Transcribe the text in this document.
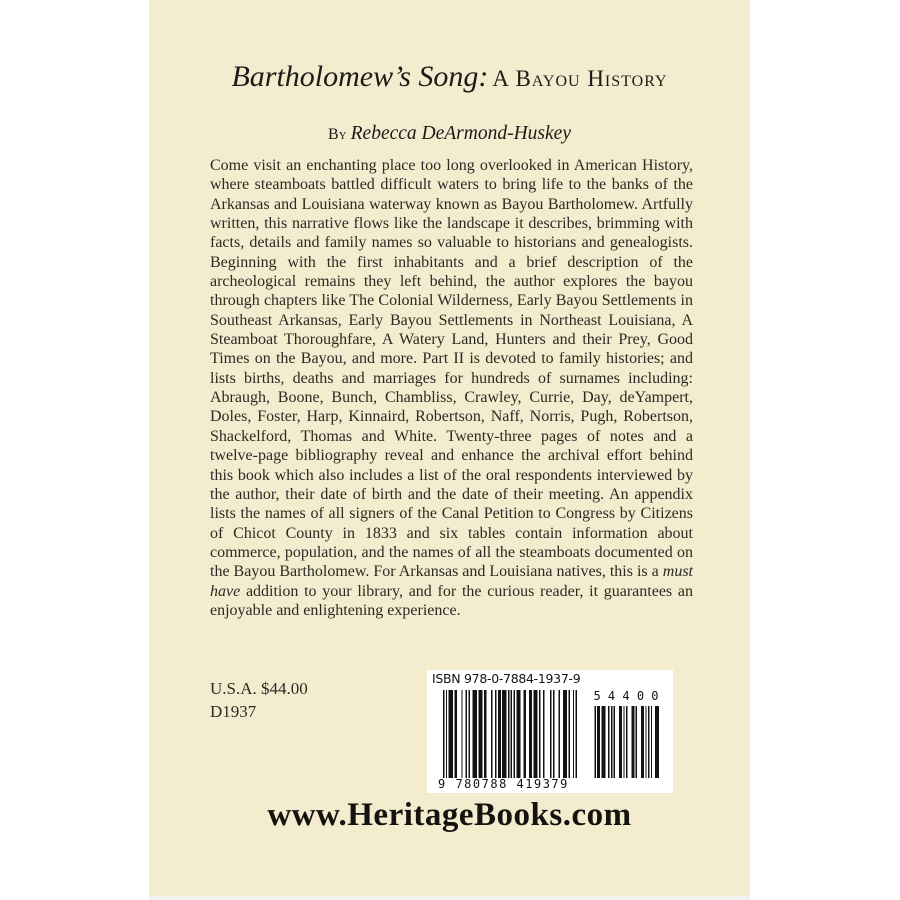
Bartholomew’s Song: A Bayou History
By Rebecca DeArmond-Huskey
Come visit an enchanting place too long overlooked in American History, where steamboats battled difficult waters to bring life to the banks of the Arkansas and Louisiana waterway known as Bayou Bartholomew. Artfully written, this narrative flows like the landscape it describes, brimming with facts, details and family names so valuable to historians and genealogists. Beginning with the first inhabitants and a brief description of the archeological remains they left behind, the author explores the bayou through chapters like The Colonial Wilderness, Early Bayou Settlements in Southeast Arkansas, Early Bayou Settlements in Northeast Louisiana, A Steamboat Thoroughfare, A Watery Land, Hunters and their Prey, Good Times on the Bayou, and more. Part II is devoted to family histories; and lists births, deaths and marriages for hundreds of surnames including: Abraugh, Boone, Bunch, Chambliss, Crawley, Currie, Day, deYampert, Doles, Foster, Harp, Kinnaird, Robertson, Naff, Norris, Pugh, Robertson, Shackelford, Thomas and White. Twenty-three pages of notes and a twelve-page bibliography reveal and enhance the archival effort behind this book which also includes a list of the oral respondents interviewed by the author, their date of birth and the date of their meeting. An appendix lists the names of all signers of the Canal Petition to Congress by Citizens of Chicot County in 1833 and six tables contain information about commerce, population, and the names of all the steamboats documented on the Bayou Bartholomew. For Arkansas and Louisiana natives, this is a must have addition to your library, and for the curious reader, it guarantees an enjoyable and enlightening experience.
U.S.A. $44.00
D1937
ISBN 978-0-7884-1937-9
9 780788 419379
5 4 4 0 0
www.HeritageBooks.com
